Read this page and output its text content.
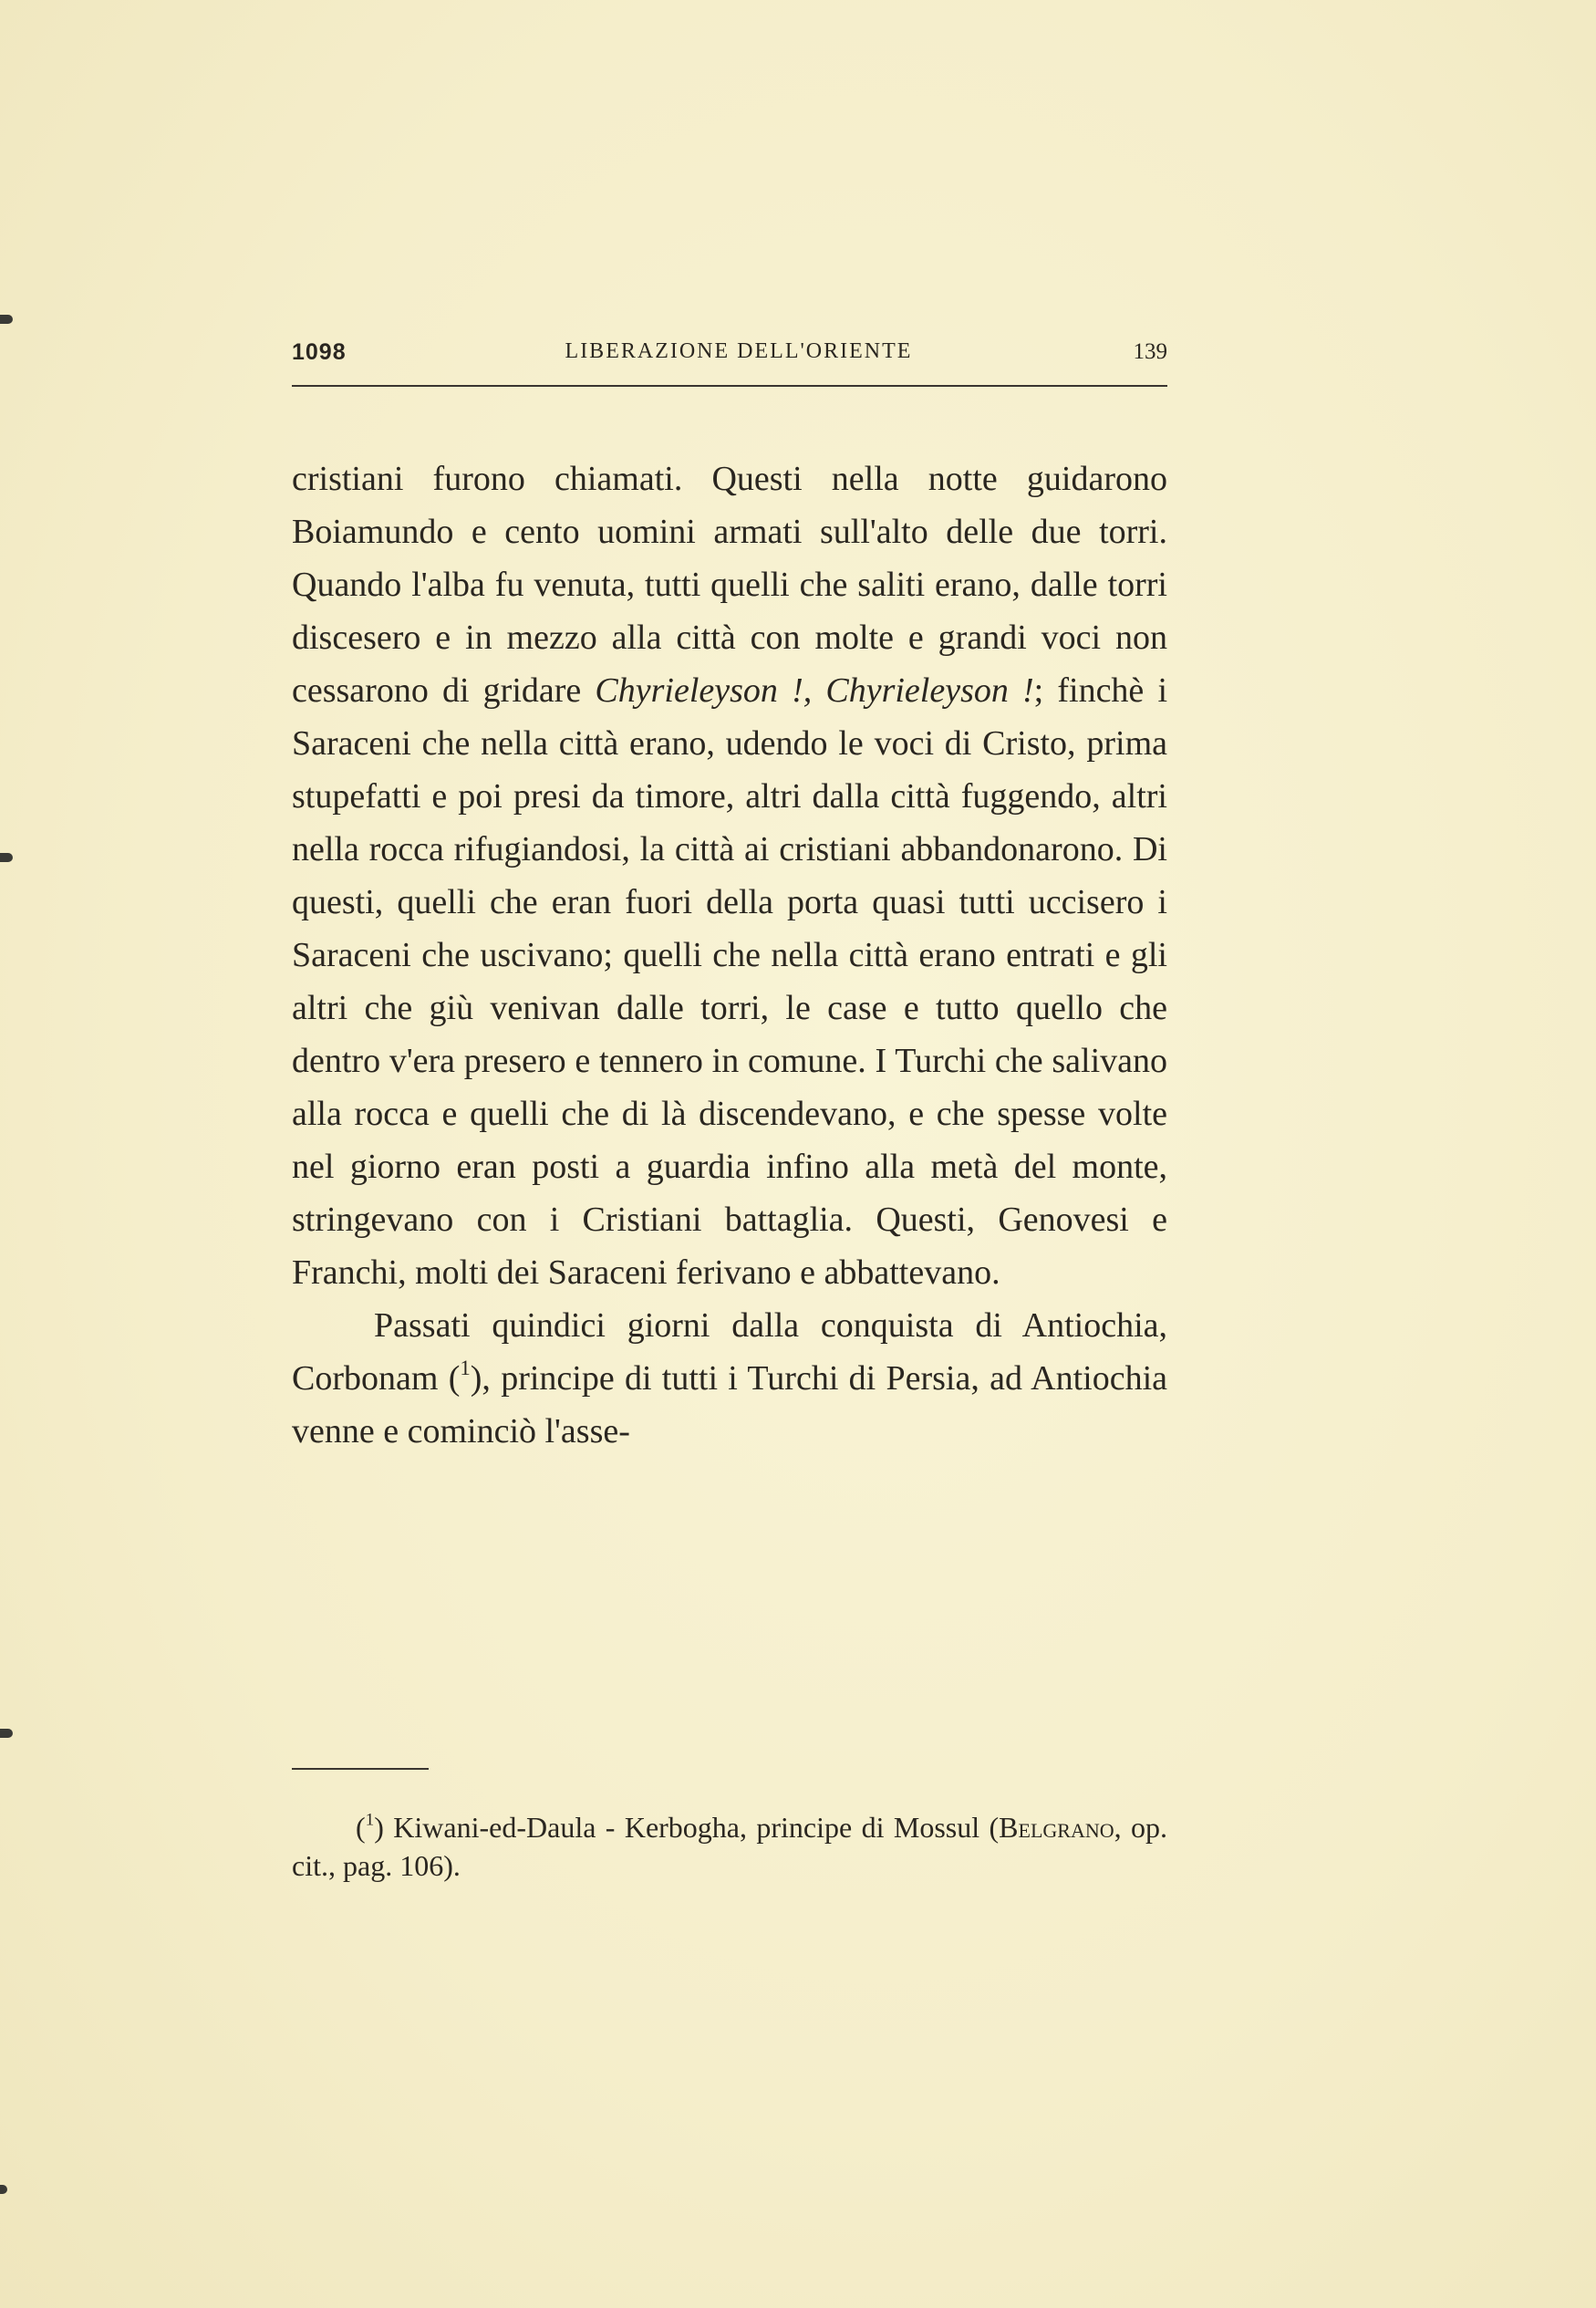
1098	LIBERAZIONE DELL'ORIENTE	139

cristiani furono chiamati. Questi nella notte guidarono Boiamundo e cento uomini armati sull'alto delle due torri. Quando l'alba fu venuta, tutti quelli che saliti erano, dalle torri discesero e in mezzo alla città con molte e grandi voci non cessarono di gridare Chyrieleyson !, Chyrieleyson !; finchè i Saraceni che nella città erano, udendo le voci di Cristo, prima stupefatti e poi presi da timore, altri dalla città fuggendo, altri nella rocca rifugiandosi, la città ai cristiani abbandonarono. Di questi, quelli che eran fuori della porta quasi tutti uccisero i Saraceni che uscivano; quelli che nella città erano entrati e gli altri che giù venivan dalle torri, le case e tutto quello che dentro v'era presero e tennero in comune. I Turchi che salivano alla rocca e quelli che di là discendevano, e che spesse volte nel giorno eran posti a guardia infino alla metà del monte, stringevano con i Cristiani battaglia. Questi, Genovesi e Franchi, molti dei Saraceni ferivano e abbattevano.

Passati quindici giorni dalla conquista di Antiochia, Corbonam ($^1$), principe di tutti i Turchi di Persia, ad Antiochia venne e cominciò l'asse-

($^1$) Kiwani-ed-Daula - Kerbogha, principe di Mossul (Belgrano, op. cit., pag. 106).
